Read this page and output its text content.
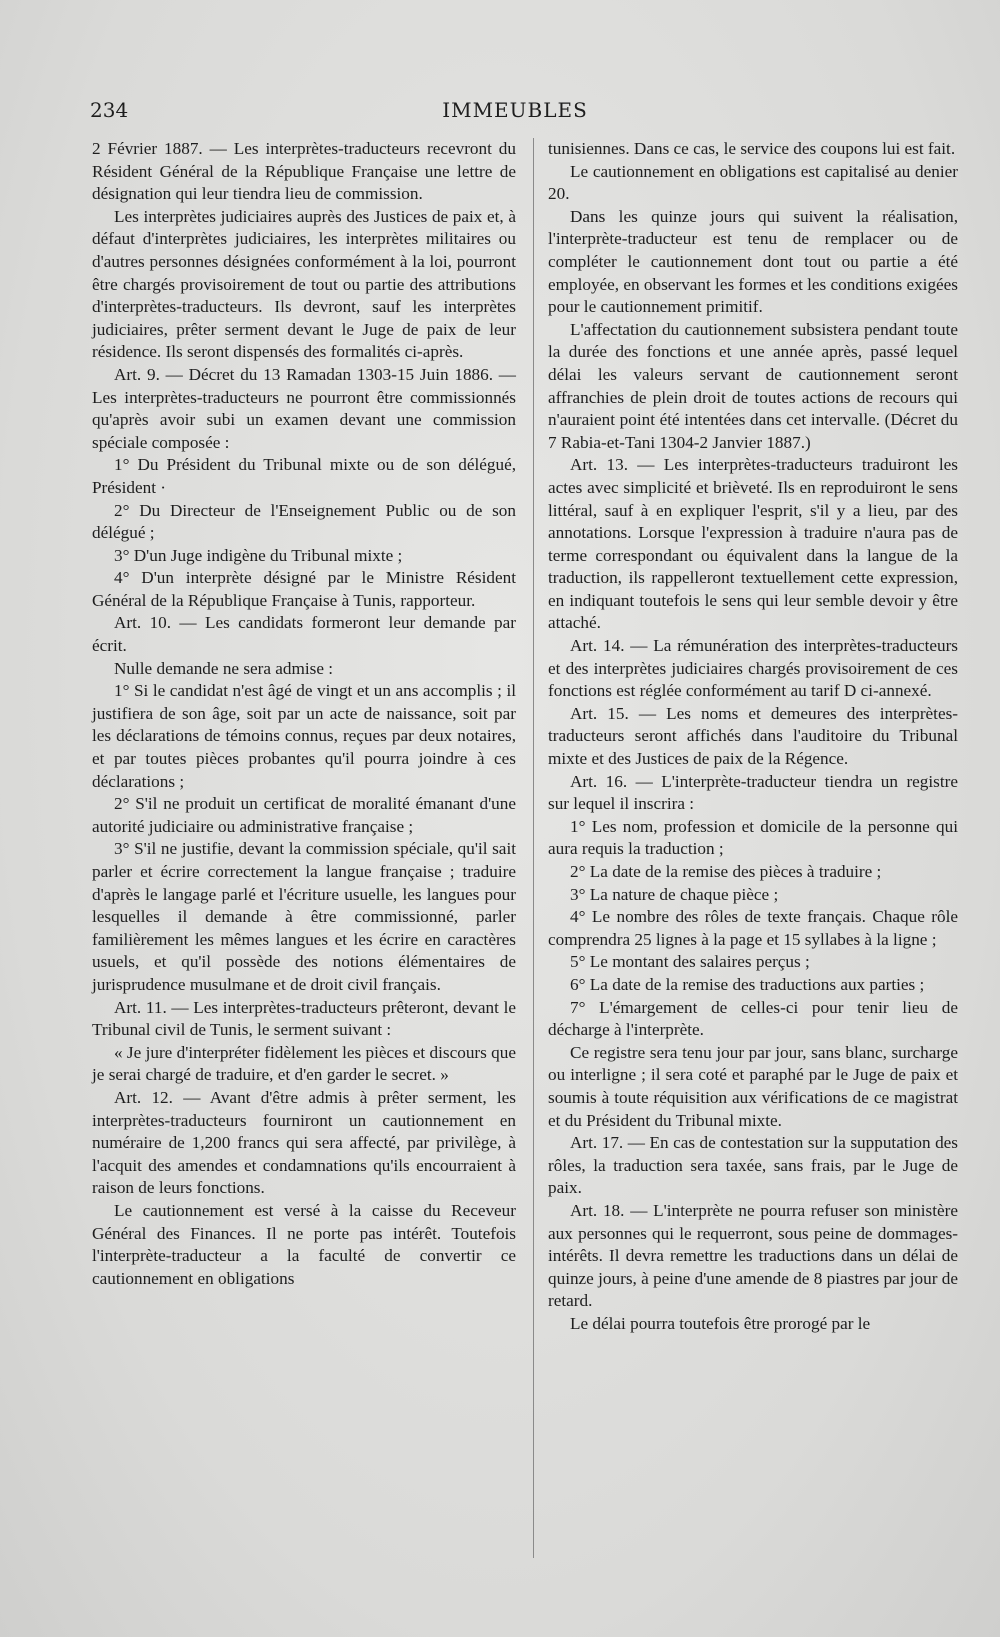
234	IMMEUBLES

2 Février 1887. — Les interprètes-traducteurs recevront du Résident Général de la République Française une lettre de désignation qui leur tiendra lieu de commission.

Les interprètes judiciaires auprès des Justices de paix et, à défaut d'interprètes judiciaires, les interprètes militaires ou d'autres personnes désignées conformément à la loi, pourront être chargés provisoirement de tout ou partie des attributions d'interprètes-traducteurs. Ils devront, sauf les interprètes judiciaires, prêter serment devant le Juge de paix de leur résidence. Ils seront dispensés des formalités ci-après.

Art. 9. — Décret du 13 Ramadan 1303-15 Juin 1886. — Les interprètes-traducteurs ne pourront être commissionnés qu'après avoir subi un examen devant une commission spéciale composée :

1° Du Président du Tribunal mixte ou de son délégué, Président ·

2° Du Directeur de l'Enseignement Public ou de son délégué ;

3° D'un Juge indigène du Tribunal mixte ;

4° D'un interprète désigné par le Ministre Résident Général de la République Française à Tunis, rapporteur.

Art. 10. — Les candidats formeront leur demande par écrit.

Nulle demande ne sera admise :

1° Si le candidat n'est âgé de vingt et un ans accomplis ; il justifiera de son âge, soit par un acte de naissance, soit par les déclarations de témoins connus, reçues par deux notaires, et par toutes pièces probantes qu'il pourra joindre à ces déclarations ;

2° S'il ne produit un certificat de moralité émanant d'une autorité judiciaire ou administrative française ;

3° S'il ne justifie, devant la commission spéciale, qu'il sait parler et écrire correctement la langue française ; traduire d'après le langage parlé et l'écriture usuelle, les langues pour lesquelles il demande à être commissionné, parler familièrement les mêmes langues et les écrire en caractères usuels, et qu'il possède des notions élémentaires de jurisprudence musulmane et de droit civil français.

Art. 11. — Les interprètes-traducteurs prêteront, devant le Tribunal civil de Tunis, le serment suivant :

« Je jure d'interpréter fidèlement les pièces et discours que je serai chargé de traduire, et d'en garder le secret. »

Art. 12. — Avant d'être admis à prêter serment, les interprètes-traducteurs fourniront un cautionnement en numéraire de 1,200 francs qui sera affecté, par privilège, à l'acquit des amendes et condamnations qu'ils encourraient à raison de leurs fonctions.

Le cautionnement est versé à la caisse du Receveur Général des Finances. Il ne porte pas intérêt. Toutefois l'interprète-traducteur a la faculté de convertir ce cautionnement en obligations

tunisiennes. Dans ce cas, le service des coupons lui est fait.

Le cautionnement en obligations est capitalisé au denier 20.

Dans les quinze jours qui suivent la réalisation, l'interprète-traducteur est tenu de remplacer ou de compléter le cautionnement dont tout ou partie a été employée, en observant les formes et les conditions exigées pour le cautionnement primitif.

L'affectation du cautionnement subsistera pendant toute la durée des fonctions et une année après, passé lequel délai les valeurs servant de cautionnement seront affranchies de plein droit de toutes actions de recours qui n'auraient point été intentées dans cet intervalle. (Décret du 7 Rabia-et-Tani 1304-2 Janvier 1887.)

Art. 13. — Les interprètes-traducteurs traduiront les actes avec simplicité et brièveté. Ils en reproduiront le sens littéral, sauf à en expliquer l'esprit, s'il y a lieu, par des annotations. Lorsque l'expression à traduire n'aura pas de terme correspondant ou équivalent dans la langue de la traduction, ils rappelleront textuellement cette expression, en indiquant toutefois le sens qui leur semble devoir y être attaché.

Art. 14. — La rémunération des interprètes-traducteurs et des interprètes judiciaires chargés provisoirement de ces fonctions est réglée conformément au tarif D ci-annexé.

Art. 15. — Les noms et demeures des interprètes-traducteurs seront affichés dans l'auditoire du Tribunal mixte et des Justices de paix de la Régence.

Art. 16. — L'interprète-traducteur tiendra un registre sur lequel il inscrira :

1° Les nom, profession et domicile de la personne qui aura requis la traduction ;

2° La date de la remise des pièces à traduire ;

3° La nature de chaque pièce ;

4° Le nombre des rôles de texte français. Chaque rôle comprendra 25 lignes à la page et 15 syllabes à la ligne ;

5° Le montant des salaires perçus ;

6° La date de la remise des traductions aux parties ;

7° L'émargement de celles-ci pour tenir lieu de décharge à l'interprète.

Ce registre sera tenu jour par jour, sans blanc, surcharge ou interligne ; il sera coté et paraphé par le Juge de paix et soumis à toute réquisition aux vérifications de ce magistrat et du Président du Tribunal mixte.

Art. 17. — En cas de contestation sur la supputation des rôles, la traduction sera taxée, sans frais, par le Juge de paix.

Art. 18. — L'interprète ne pourra refuser son ministère aux personnes qui le requerront, sous peine de dommages-intérêts. Il devra remettre les traductions dans un délai de quinze jours, à peine d'une amende de 8 piastres par jour de retard.

Le délai pourra toutefois être prorogé par le
